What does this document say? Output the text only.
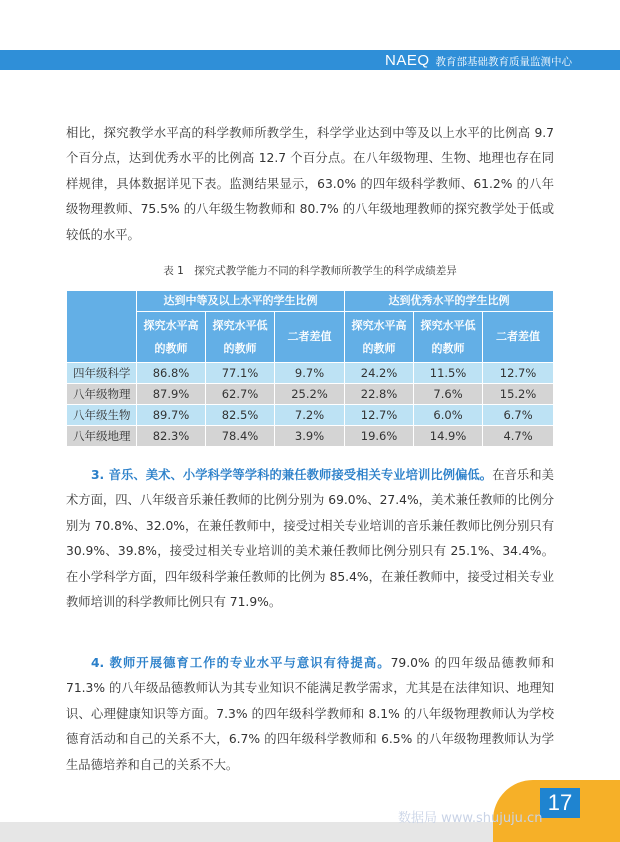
NAEQ 教育部基础教育质量监测中心

相比，探究教学水平高的科学教师所教学生，科学学业达到中等及以上水平的比例高 9.7 个百分点，达到优秀水平的比例高 12.7 个百分点。在八年级物理、生物、地理也存在同样规律，具体数据详见下表。监测结果显示，63.0% 的四年级科学教师、61.2% 的八年级物理教师、75.5% 的八年级生物教师和 80.7% 的八年级地理教师的探究教学处于低或较低的水平。

表 1　探究式教学能力不同的科学教师所教学生的科学成绩差异
	达到中等及以上水平的学生比例			达到优秀水平的学生比例		

	探究水平高的教师	探究水平低的教师	二者差值	探究水平高的教师	探究水平低的教师	二者差值
四年级科学	86.8%	77.1%	9.7%	24.2%	11.5%	12.7%
八年级物理	87.9%	62.7%	25.2%	22.8%	7.6%	15.2%
八年级生物	89.7%	82.5%	7.2%	12.7%	6.0%	6.7%
八年级地理	82.3%	78.4%	3.9%	19.6%	14.9%	4.7%

3. 音乐、美术、小学科学等学科的兼任教师接受相关专业培训比例偏低。在音乐和美术方面，四、八年级音乐兼任教师的比例分别为 69.0%、27.4%，美术兼任教师的比例分别为 70.8%、32.0%，在兼任教师中，接受过相关专业培训的音乐兼任教师比例分别只有 30.9%、39.8%，接受过相关专业培训的美术兼任教师比例分别只有 25.1%、34.4%。在小学科学方面，四年级科学兼任教师的比例为 85.4%，在兼任教师中，接受过相关专业教师培训的科学教师比例只有 71.9%。

4. 教师开展德育工作的专业水平与意识有待提高。79.0% 的四年级品德教师和 71.3% 的八年级品德教师认为其专业知识不能满足教学需求，尤其是在法律知识、地理知识、心理健康知识等方面。7.3% 的四年级科学教师和 8.1% 的八年级物理教师认为学校德育活动和自己的关系不大，6.7% 的四年级科学教师和 6.5% 的八年级物理教师认为学生品德培养和自己的关系不大。

17
数据局 www.shujuju.cn
